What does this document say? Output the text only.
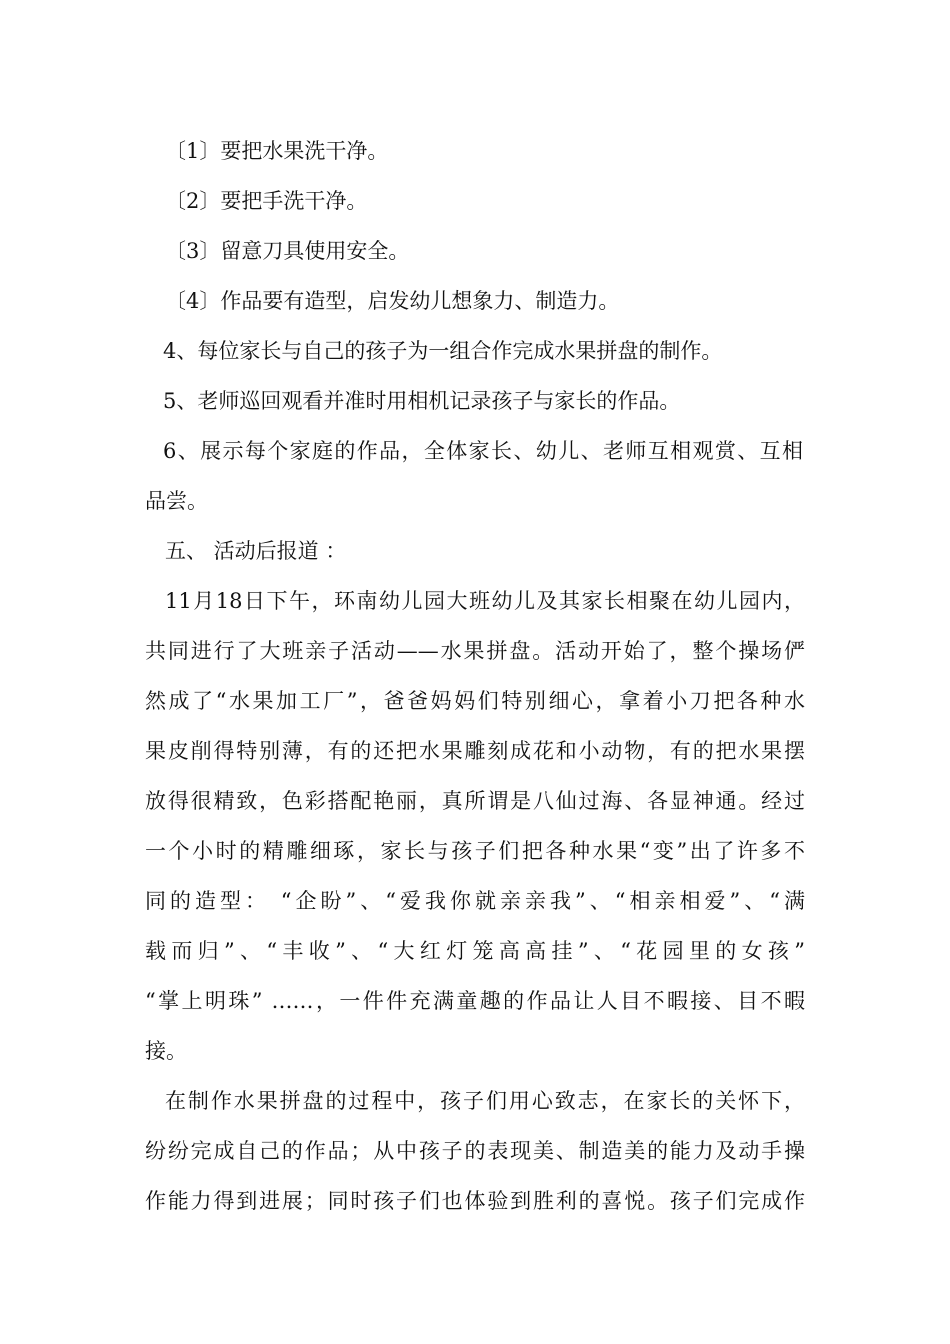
〔1〕要把水果洗干净。
〔2〕要把手洗干净。
〔3〕留意刀具使用安全。
〔4〕作品要有造型，启发幼儿想象力、制造力。
4、每位家长与自己的孩子为一组合作完成水果拼盘的制作。
5、老师巡回观看并准时用相机记录孩子与家长的作品。
6、展示每个家庭的作品，全体家长、幼儿、老师互相观赏、互相
品尝。
五、 活动后报道 ：
11月18日下午，环南幼儿园大班幼儿及其家长相聚在幼儿园内，
共同进行了大班亲子活动——水果拼盘。活动开始了，整个操场俨
然成了“水果加工厂”，爸爸妈妈们特别细心，拿着小刀把各种水
果皮削得特别薄，有的还把水果雕刻成花和小动物，有的把水果摆
放得很精致，色彩搭配艳丽，真所谓是八仙过海、各显神通。经过
一个小时的精雕细琢，家长与孩子们把各种水果“变”出了许多不
同的造型： “企盼”、“爱我你就亲亲我”、“相亲相爱”、“满
载而归”、“丰收”、“大红灯笼高高挂”、“花园里的女孩”
“掌上明珠” ……，一件件充满童趣的作品让人目不暇接、目不暇
接。
在制作水果拼盘的过程中，孩子们用心致志，在家长的关怀下，
纷纷完成自己的作品；从中孩子的表现美、制造美的能力及动手操
作能力得到进展；同时孩子们也体验到胜利的喜悦。孩子们完成作
